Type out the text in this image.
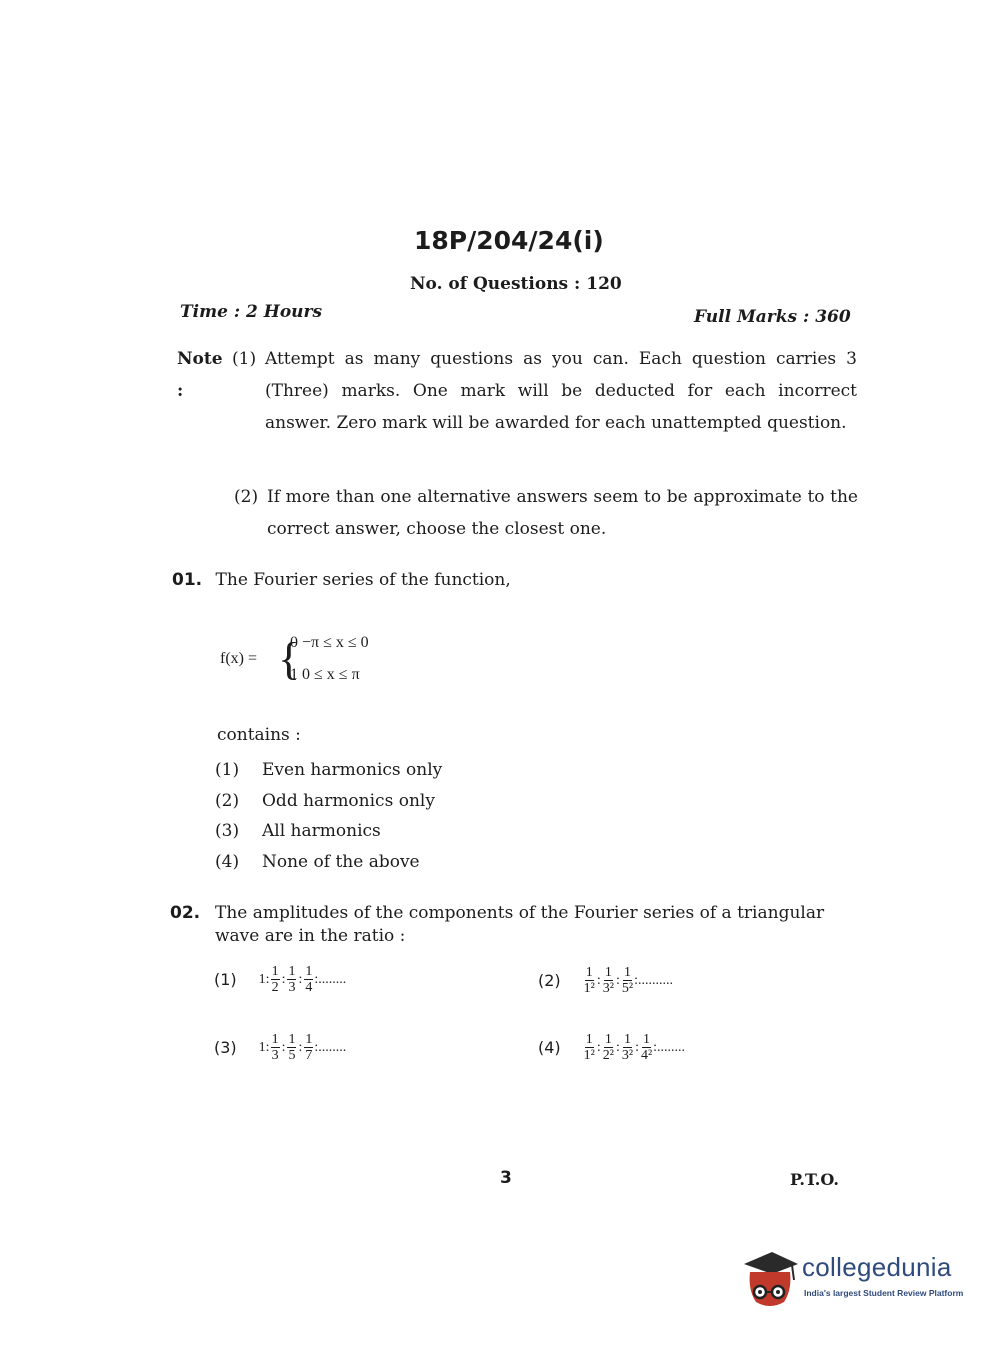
18P/204/24(i)
No. of Questions : 120
Time : 2 Hours	Full Marks : 360
Note :
(1) Attempt as many questions as you can. Each question carries 3 (Three) marks. One mark will be deducted for each incorrect answer. Zero mark will be awarded for each unattempted question.
(2) If more than one alternative answers seem to be approximate to the correct answer, choose the closest one.
01. The Fourier series of the function,
f(x) = {
0 −π ≤ x ≤ 0
1 0 ≤ x ≤ π
contains :
(1)	Even harmonics only
(2)	Odd harmonics only
(3)	All harmonics
(4)	None of the above
02. The amplitudes of the components of the Fourier series of a triangular wave are in the ratio :
(1) 1: $\frac{1}{2}$ : $\frac{1}{3}$ : $\frac{1}{4}$ :........	$(2) \frac{1}{\text{1²}}$ : $\frac{1}{\text{3²}}$ : $\frac{1}{\text{5²}}$ :..........
(3) 1: $\frac{1}{3}$ : $\frac{1}{5}$ : $\frac{1}{7}$ :........	$(4) \frac{1}{\text{1²}}$ : $\frac{1}{\text{2²}}$ : $\frac{1}{\text{3²}}$ : $\frac{1}{\text{4²}}$ :........
3	P.T.O.
collegedunia
India's largest Student Review Platform
